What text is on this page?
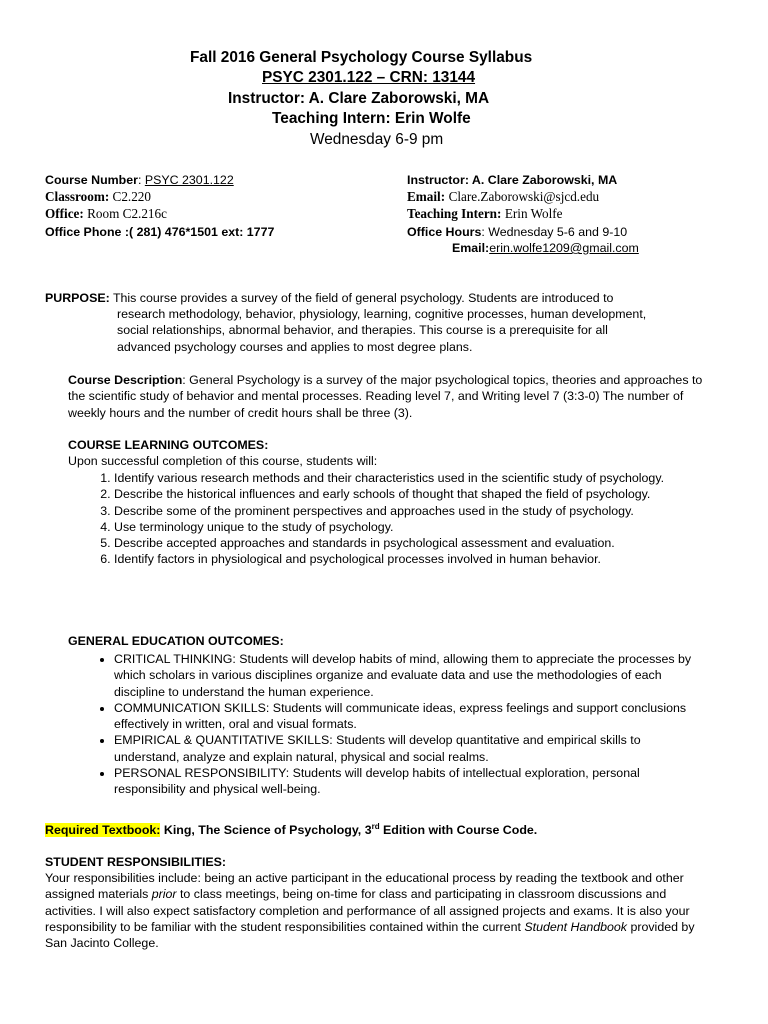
Fall 2016 General Psychology Course Syllabus
PSYC 2301.122 – CRN: 13144
Instructor: A. Clare Zaborowski, MA
Teaching Intern: Erin Wolfe
Wednesday 6-9 pm
Course Number: PSYC 2301.122
Classroom: C2.220
Office: Room C2.216c
Office Phone :( 281) 476*1501 ext: 1777
Instructor: A. Clare Zaborowski, MA
Email: Clare.Zaborowski@sjcd.edu
Teaching Intern: Erin Wolfe
Office Hours: Wednesday 5-6 and 9-10
Email:erin.wolfe1209@gmail.com
PURPOSE: This course provides a survey of the field of general psychology. Students are introduced to
research methodology, behavior, physiology, learning, cognitive processes, human development,
social relationships, abnormal behavior, and therapies. This course is a prerequisite for all
advanced psychology courses and applies to most degree plans.
Course Description: General Psychology is a survey of the major psychological topics, theories and approaches to the scientific study of behavior and mental processes. Reading level 7, and Writing level 7 (3:3-0) The number of weekly hours and the number of credit hours shall be three (3).
COURSE LEARNING OUTCOMES:
Upon successful completion of this course, students will:
1. Identify various research methods and their characteristics used in the scientific study of psychology.
2. Describe the historical influences and early schools of thought that shaped the field of psychology.
3. Describe some of the prominent perspectives and approaches used in the study of psychology.
4. Use terminology unique to the study of psychology.
5. Describe accepted approaches and standards in psychological assessment and evaluation.
6. Identify factors in physiological and psychological processes involved in human behavior.
GENERAL EDUCATION OUTCOMES:
• CRITICAL THINKING: Students will develop habits of mind, allowing them to appreciate the processes by which scholars in various disciplines organize and evaluate data and use the methodologies of each discipline to understand the human experience.
• COMMUNICATION SKILLS: Students will communicate ideas, express feelings and support conclusions effectively in written, oral and visual formats.
• EMPIRICAL & QUANTITATIVE SKILLS: Students will develop quantitative and empirical skills to understand, analyze and explain natural, physical and social realms.
• PERSONAL RESPONSIBILITY: Students will develop habits of intellectual exploration, personal responsibility and physical well-being.
Required Textbook: King, The Science of Psychology, 3rd Edition with Course Code.
STUDENT RESPONSIBILITIES:
Your responsibilities include: being an active participant in the educational process by reading the textbook and other assigned materials prior to class meetings, being on-time for class and participating in classroom discussions and activities. I will also expect satisfactory completion and performance of all assigned projects and exams. It is also your responsibility to be familiar with the student responsibilities contained within the current Student Handbook provided by San Jacinto College.
